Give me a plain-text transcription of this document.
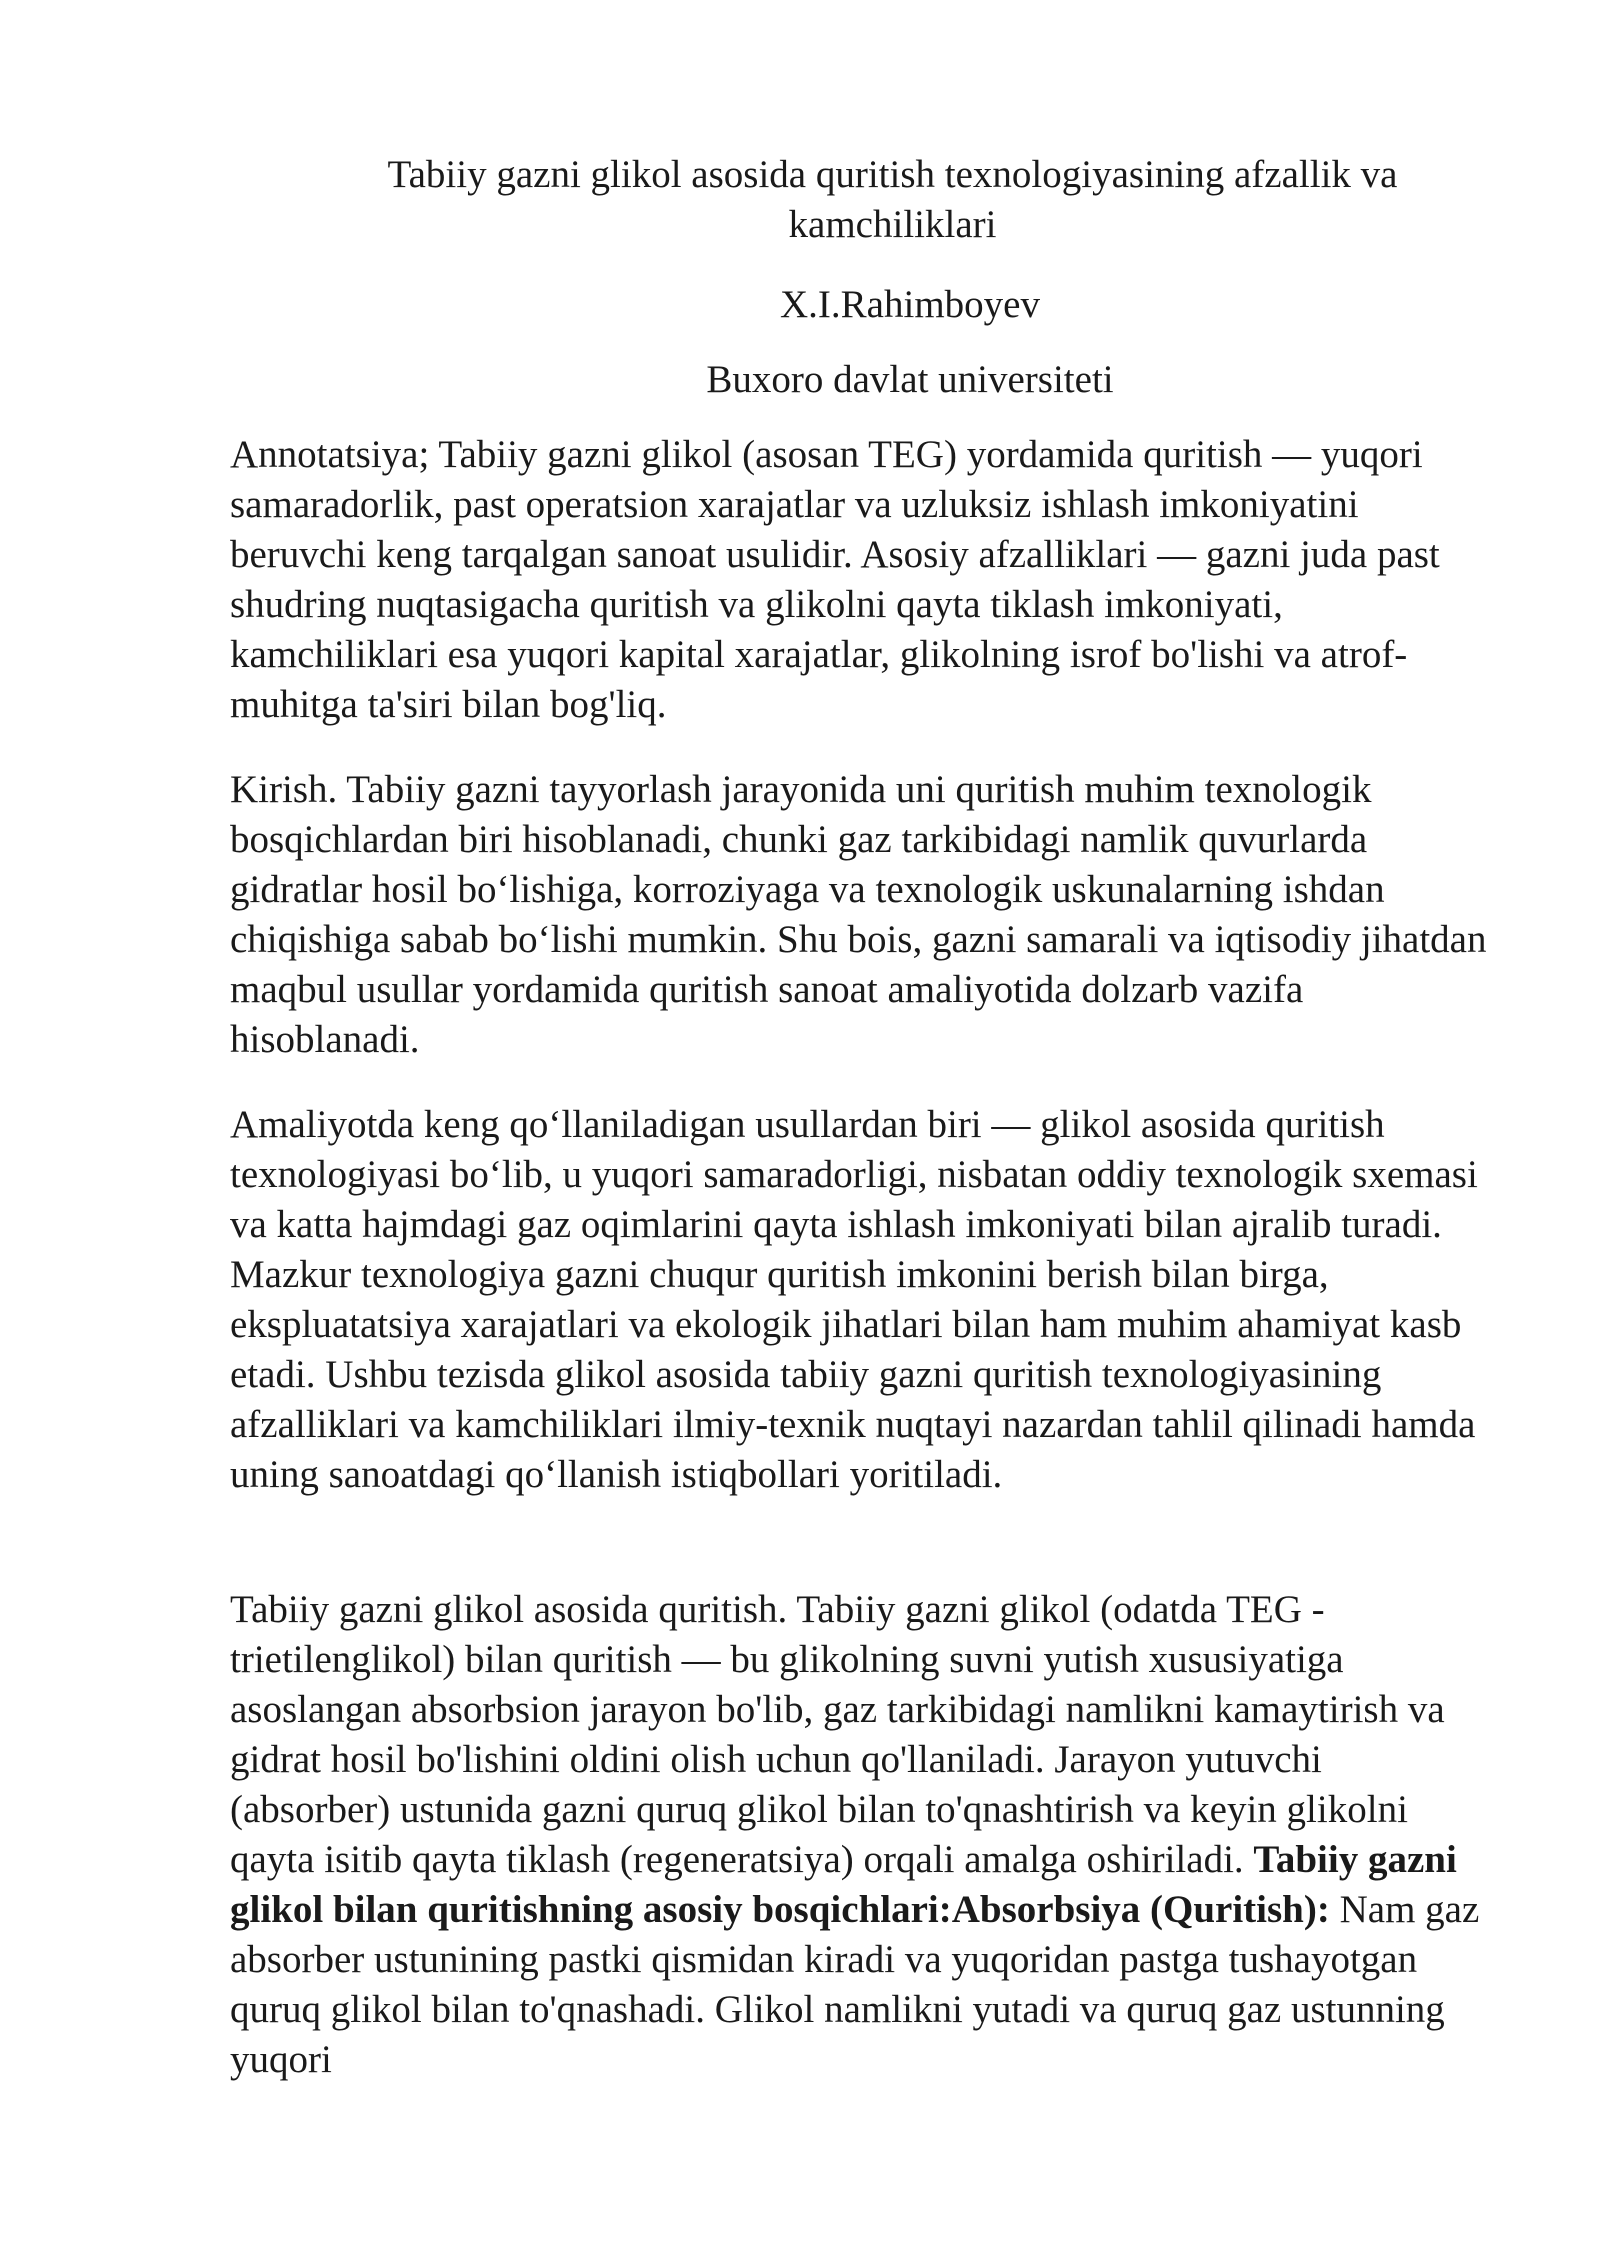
Tabiiy gazni glikol asosida quritish texnologiyasining afzallik va kamchiliklari

X.I.Rahimboyev

Buxoro davlat universiteti

Annotatsiya; Tabiiy gazni glikol (asosan TEG) yordamida quritish — yuqori samaradorlik, past operatsion xarajatlar va uzluksiz ishlash imkoniyatini beruvchi keng tarqalgan sanoat usulidir. Asosiy afzalliklari — gazni juda past shudring nuqtasigacha quritish va glikolni qayta tiklash imkoniyati, kamchiliklari esa yuqori kapital xarajatlar, glikolning isrof bo'lishi va atrof-muhitga ta'siri bilan bog'liq.

Kirish. Tabiiy gazni tayyorlash jarayonida uni quritish muhim texnologik bosqichlardan biri hisoblanadi, chunki gaz tarkibidagi namlik quvurlarda gidratlar hosil bo‘lishiga, korroziyaga va texnologik uskunalarning ishdan chiqishiga sabab bo‘lishi mumkin. Shu bois, gazni samarali va iqtisodiy jihatdan maqbul usullar yordamida quritish sanoat amaliyotida dolzarb vazifa hisoblanadi.

Amaliyotda keng qo‘llaniladigan usullardan biri — glikol asosida quritish texnologiyasi bo‘lib, u yuqori samaradorligi, nisbatan oddiy texnologik sxemasi va katta hajmdagi gaz oqimlarini qayta ishlash imkoniyati bilan ajralib turadi. Mazkur texnologiya gazni chuqur quritish imkonini berish bilan birga, ekspluatatsiya xarajatlari va ekologik jihatlari bilan ham muhim ahamiyat kasb etadi. Ushbu tezisda glikol asosida tabiiy gazni quritish texnologiyasining afzalliklari va kamchiliklari ilmiy-texnik nuqtayi nazardan tahlil qilinadi hamda uning sanoatdagi qo‘llanish istiqbollari yoritiladi.

Tabiiy gazni glikol asosida quritish. Tabiiy gazni glikol (odatda TEG - trietilenglikol) bilan quritish — bu glikolning suvni yutish xususiyatiga asoslangan absorbsion jarayon bo'lib, gaz tarkibidagi namlikni kamaytirish va gidrat hosil bo'lishini oldini olish uchun qo'llaniladi. Jarayon yutuvchi (absorber) ustunida gazni quruq glikol bilan to'qnashtirish va keyin glikolni qayta isitib qayta tiklash (regeneratsiya) orqali amalga oshiriladi. Tabiiy gazni glikol bilan quritishning asosiy bosqichlari:Absorbsiya (Quritish): Nam gaz absorber ustunining pastki qismidan kiradi va yuqoridan pastga tushayotgan quruq glikol bilan to'qnashadi. Glikol namlikni yutadi va quruq gaz ustunning yuqori
